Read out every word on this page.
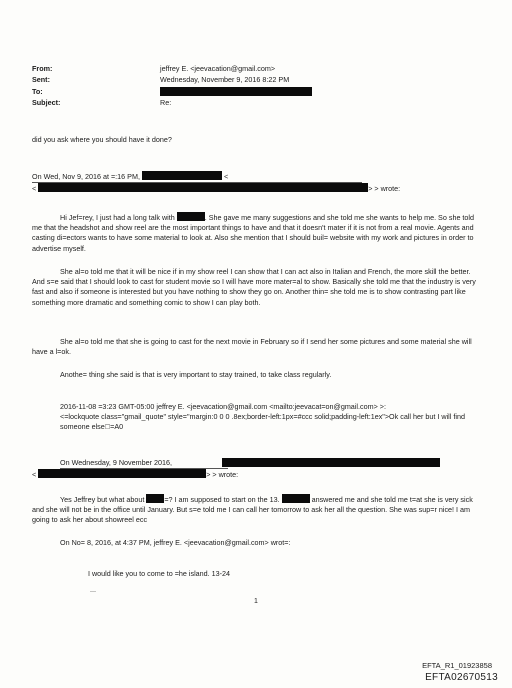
From:	jeffrey E. <jeevacation@gmail.com>
Sent:	Wednesday, November 9, 2016 8:22 PM
To:
Subject:	Re:

did you ask where you should have it done?

On Wed, Nov 9, 2016 at =:16 PM,	<
<	> > wrote:

Hi Jef=rey, I just had a long talk with	. She gave me many suggestions and she told me she wants to help me. So she told me that the headshot and show reel are the most important things to have and that it doesn't mater if it is not from a real movie. Agents and casting di=ectors wants to have some material to look at. Also she mention that I should buil= website with my work and pictures in order to advertise myself.

She al=o told me that it will be nice if in my show reel I can show that I can act also in Italian and French, the more skill the better. And s=e said that I should look to cast for student movie so I will have more mater=al to show. Basically she told me that the industry is very fast and also if someone is interested but you have nothing to show they go on. Another thin= she told me is to show contrasting part like something more dramatic and something comic to show I can play both.

She al=o told me that she is going to cast for the next movie in February so if I send her some pictures and some material she will have a l=ok.

Anothe= thing she said is that is very important to stay trained, to take class regularly.

2016-11-08 =3:23 GMT-05:00 jeffrey E. <jeevacation@gmail.com <mailto:jeevacat=on@gmail.com> >:

<=lockquote class="gmail_quote" style="margin:0 0 0 .8ex;border-left:1px=#ccc solid;padding-left:1ex">Ok call her but I will find someone else =A0

On Wednesday, 9 November 2016,
<	> > wrote:

Yes Jeffrey but what about	=? I am supposed to start on the 13.	answered me and she told me t=at she is very sick and she will not be in the office until January. But s=e told me I can call her tomorrow to ask her all the question. She was sup=r nice! I am going to ask her about showreel ecc

On No= 8, 2016, at 4:37 PM, jeffrey E. <jeevacation@gmail.com> wrot=:

I would like you to come to =he island. 13-24

...

1
EFTA_R1_01923858
EFTA02670513
